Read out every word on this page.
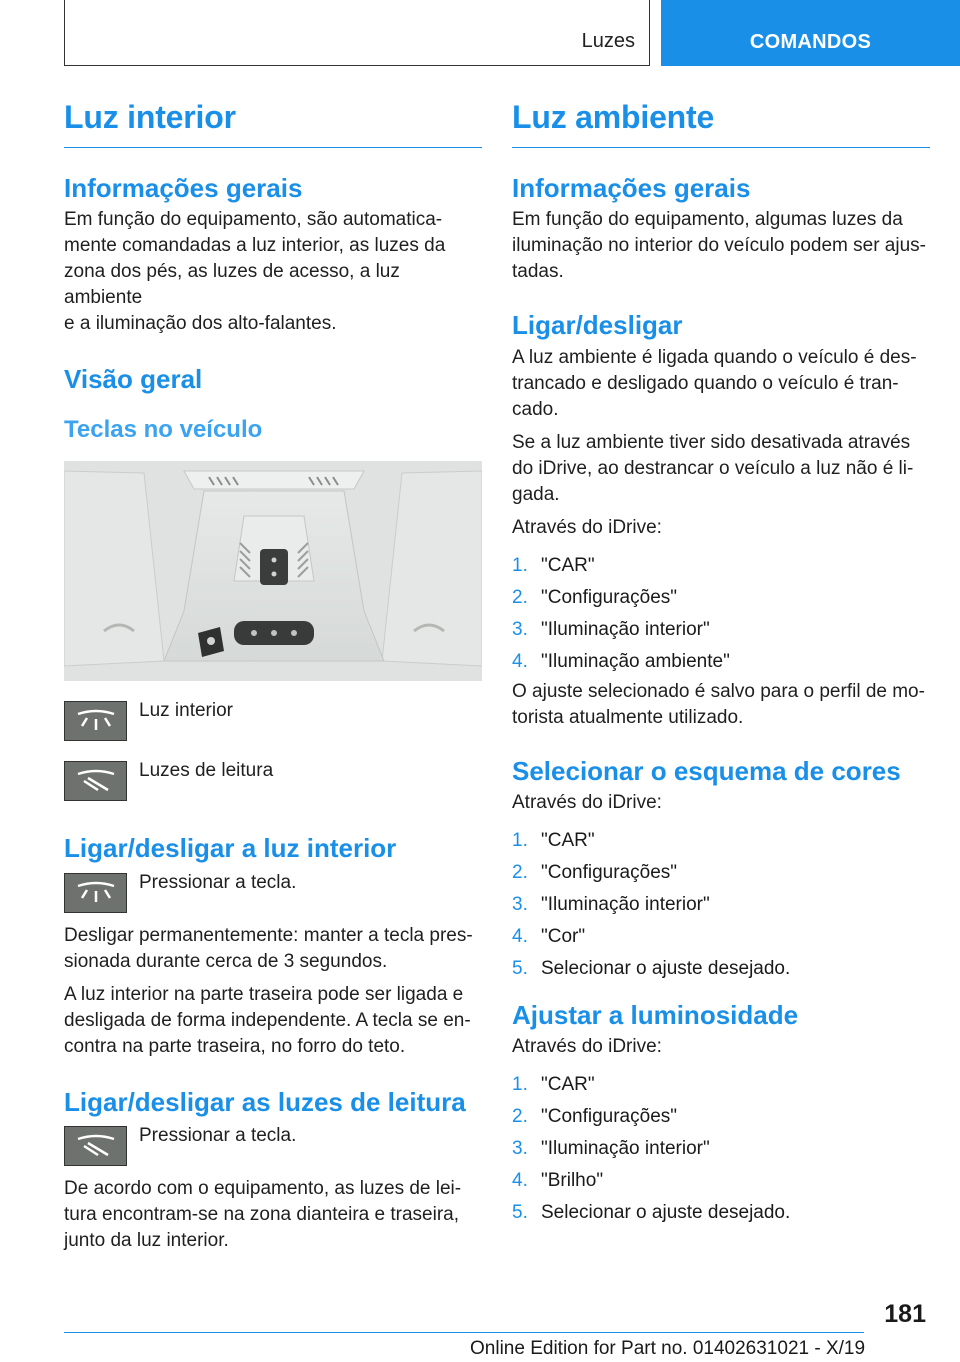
Luzes	COMANDOS
Luz interior
Informações gerais

Em função do equipamento, são automatica-
mente comandadas a luz interior, as luzes da
zona dos pés, as luzes de acesso, a luz ambiente
e a iluminação dos alto-falantes.

Visão geral
Teclas no veículo

Luz interior

Luzes de leitura

Ligar/desligar a luz interior

Pressionar a tecla.

Desligar permanentemente: manter a tecla pres-
sionada durante cerca de 3 segundos.

A luz interior na parte traseira pode ser ligada e
desligada de forma independente. A tecla se en-
contra na parte traseira, no forro do teto.

Ligar/desligar as luzes de leitura

Pressionar a tecla.

De acordo com o equipamento, as luzes de lei-
tura encontram-se na zona dianteira e traseira,
junto da luz interior.

Luz ambiente
Informações gerais

Em função do equipamento, algumas luzes da
iluminação no interior do veículo podem ser ajus-
tadas.

Ligar/desligar

A luz ambiente é ligada quando o veículo é des-
trancado e desligado quando o veículo é tran-
cado.

Se a luz ambiente tiver sido desativada através
do iDrive, ao destrancar o veículo a luz não é li-
gada.

Através do iDrive:

1. "CAR"
2. "Configurações"
3. "Iluminação interior"
4. "Iluminação ambiente"

O ajuste selecionado é salvo para o perfil de mo-
torista atualmente utilizado.

Selecionar o esquema de cores

Através do iDrive:

1. "CAR"
2. "Configurações"
3. "Iluminação interior"
4. "Cor"
5. Selecionar o ajuste desejado.
Ajustar a luminosidade

Através do iDrive:

1. "CAR"
2. "Configurações"
3. "Iluminação interior"
4. "Brilho"
5. Selecionar o ajuste desejado.
181
Online Edition for Part no. 01402631021 - X/19
